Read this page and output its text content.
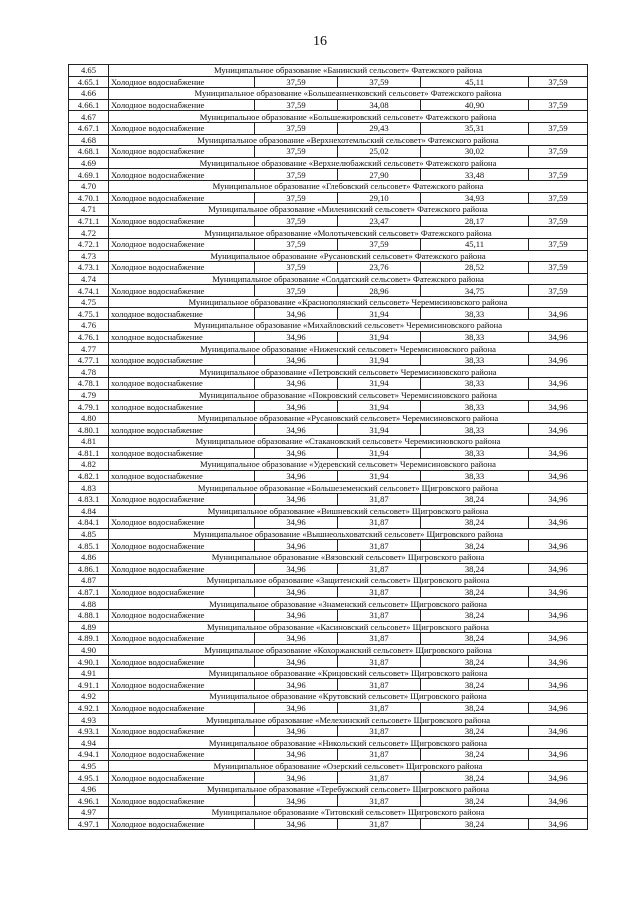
16
4.65	Муниципальное образование «Банинский сельсовет» Фатежского района				
4.65.1	Холодное водоснабжение	37,59	37,59	45,11	37,59
4.66	Муниципальное образование «Большеанненковский сельсовет» Фатежского района				
4.66.1	Холодное водоснабжение	37,59	34,08	40,90	37,59
4.67	Муниципальное образование «Большежировский сельсовет» Фатежского района				
4.67.1	Холодное водоснабжение	37,59	29,43	35,31	37,59
4.68	Муниципальное образование «Верхнехотемльский сельсовет» Фатежского района				
4.68.1	Холодное водоснабжение	37,59	25,02	30,02	37,59
4.69	Муниципальное образование «Верхнелюбажский сельсовет» Фатежского района				
4.69.1	Холодное водоснабжение	37,59	27,90	33,48	37,59
4.70	Муниципальное образование «Глебовский сельсовет» Фатежского района				
4.70.1	Холодное водоснабжение	37,59	29,10	34,93	37,59
4.71	Муниципальное образование «Миленинский сельсовет» Фатежского района				
4.71.1	Холодное водоснабжение	37,59	23,47	28,17	37,59
4.72	Муниципальное образование «Молотычевский сельсовет» Фатежского района				
4.72.1	Холодное водоснабжение	37,59	37,59	45,11	37,59
4.73	Муниципальное образование «Русановский сельсовет» Фатежского района				
4.73.1	Холодное водоснабжение	37,59	23,76	28,52	37,59
4.74	Муниципальное образование «Солдатский сельсовет» Фатежского района				
4.74.1	Холодное водоснабжение	37,59	28,96	34,75	37,59
4.75	Муниципальное образование «Краснополянский сельсовет» Черемисиновского района				
4.75.1	холодное водоснабжение	34,96	31,94	38,33	34,96
4.76	Муниципальное образование «Михайловский сельсовет» Черемисиновского района				
4.76.1	холодное водоснабжение	34,96	31,94	38,33	34,96
4.77	Муниципальное образование «Ниженский сельсовет» Черемисиновского района				
4.77.1	холодное водоснабжение	34,96	31,94	38,33	34,96
4.78	Муниципальное образование «Петровский сельсовет» Черемисиновского района				
4.78.1	холодное водоснабжение	34,96	31,94	38,33	34,96
4.79	Муниципальное образование «Покровский сельсовет» Черемисиновского района				
4.79.1	холодное водоснабжение	34,96	31,94	38,33	34,96
4.80	Муниципальное образование «Русановский сельсовет» Черемисиновского района				
4.80.1	холодное водоснабжение	34,96	31,94	38,33	34,96
4.81	Муниципальное образование «Стакановский сельсовет» Черемисиновского района				
4.81.1	холодное водоснабжение	34,96	31,94	38,33	34,96
4.82	Муниципальное образование «Удеревский сельсовет» Черемисиновского района				
4.82.1	холодное водоснабжение	34,96	31,94	38,33	34,96
4.83	Муниципальное образование «Большеземенский сельсовет» Щигровского района				
4.83.1	Холодное водоснабжение	34,96	31,87	38,24	34,96
4.84	Муниципальное образование «Вишневский сельсовет» Щигровского района				
4.84.1	Холодное водоснабжение	34,96	31,87	38,24	34,96
4.85	Муниципальное образование «Вышнеольховатский сельсовет» Щигровского района				
4.85.1	Холодное водоснабжение	34,96	31,87	38,24	34,96
4.86	Муниципальное образование «Вязовский сельсовет» Щигровского района				
4.86.1	Холодное водоснабжение	34,96	31,87	38,24	34,96
4.87	Муниципальное образование «Защитенский сельсовет» Щигровского района				
4.87.1	Холодное водоснабжение	34,96	31,87	38,24	34,96
4.88	Муниципальное образование «Знаменский сельсовет» Щигровского района				
4.88.1	Холодное водоснабжение	34,96	31,87	38,24	34,96
4.89	Муниципальное образование «Касиновский сельсовет» Щигровского района				
4.89.1	Холодное водоснабжение	34,96	31,87	38,24	34,96
4.90	Муниципальное образование «Кохоржанский сельсовет» Щигровского района				
4.90.1	Холодное водоснабжение	34,96	31,87	38,24	34,96
4.91	Муниципальное образование «Крицовский сельсовет» Щигровского района				
4.91.1	Холодное водоснабжение	34,96	31,87	38,24	34,96
4.92	Муниципальное образование «Крутовский сельсовет» Щигровского района				
4.92.1	Холодное водоснабжение	34,96	31,87	38,24	34,96
4.93	Муниципальное образование «Мелехинский сельсовет» Щигровского района				
4.93.1	Холодное водоснабжение	34,96	31,87	38,24	34,96
4.94	Муниципальное образование «Никольский сельсовет» Щигровского района				
4.94.1	Холодное водоснабжение	34,96	31,87	38,24	34,96
4.95	Муниципальное образование «Озерский сельсовет» Щигровского района				
4.95.1	Холодное водоснабжение	34,96	31,87	38,24	34,96
4.96	Муниципальное образование «Теребужский сельсовет» Щигровского района				
4.96.1	Холодное водоснабжение	34,96	31,87	38,24	34,96
4.97	Муниципальное образование «Титовский сельсовет» Щигровского района				
4.97.1	Холодное водоснабжение	34,96	31,87	38,24	34,96
